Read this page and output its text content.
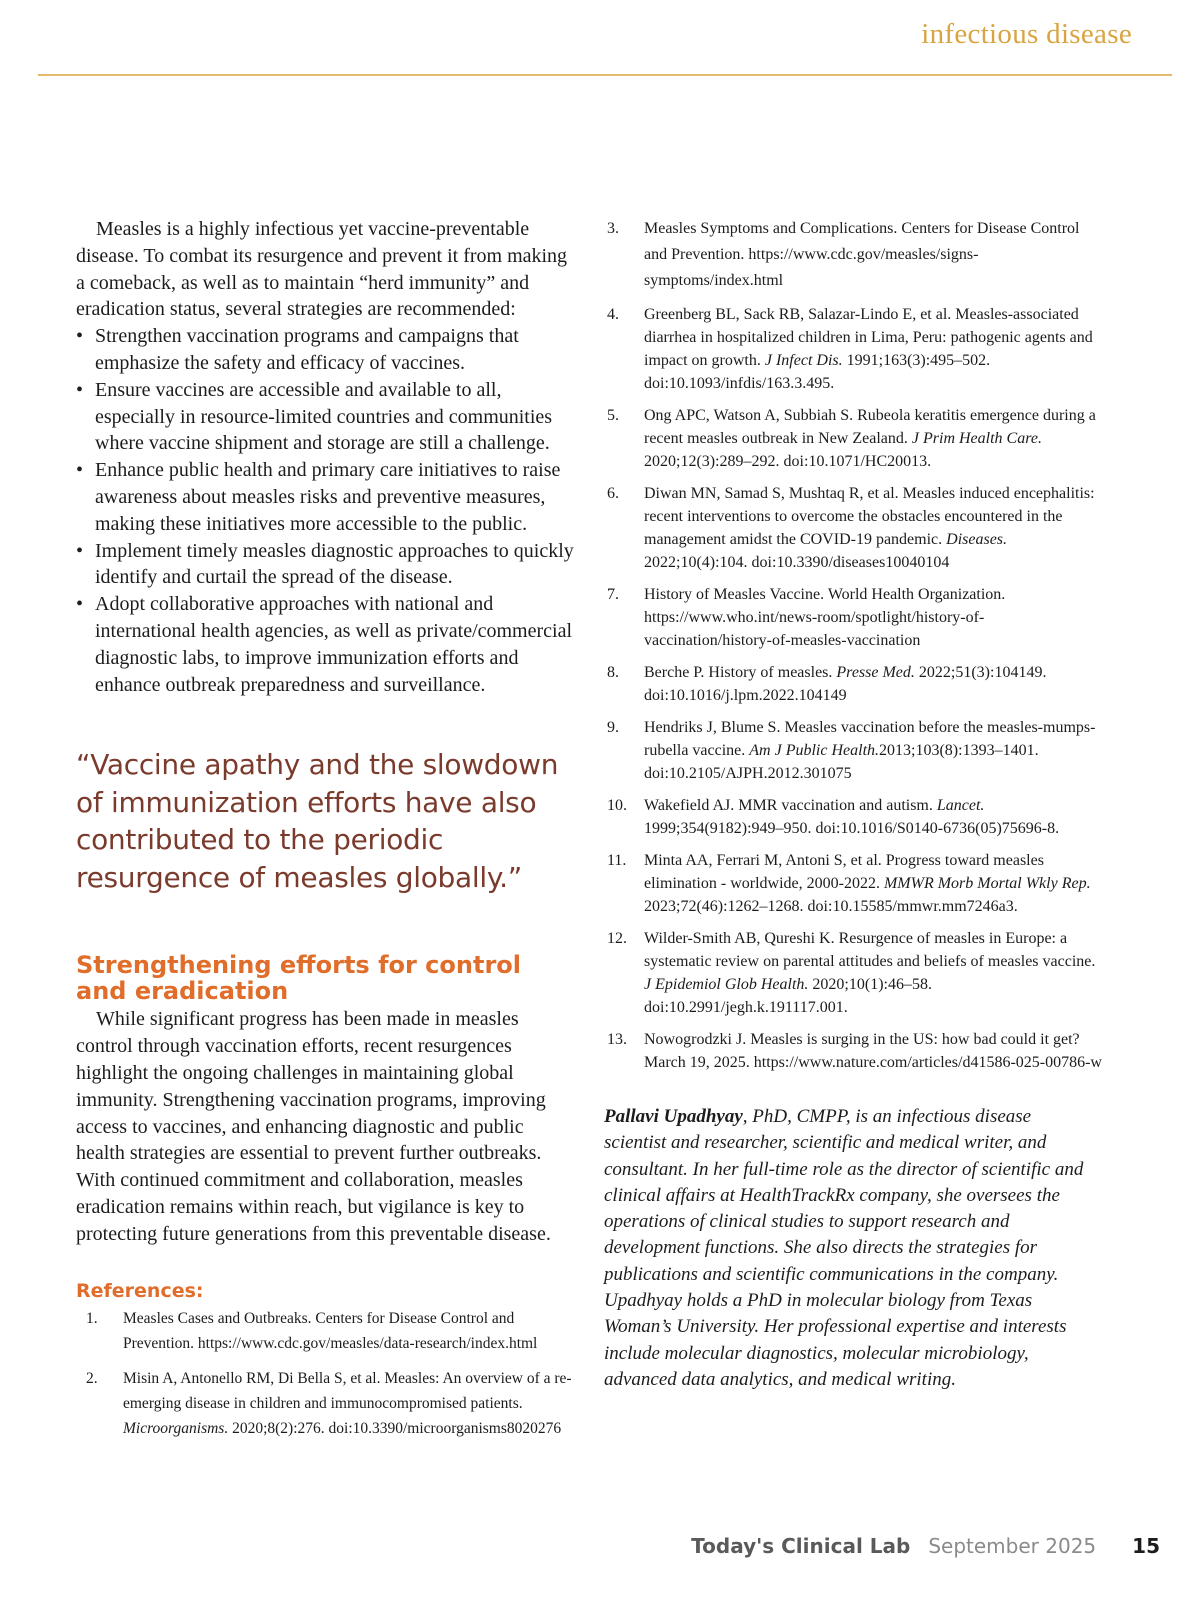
infectious disease

Measles is a highly infectious yet vaccine-preventable disease. To combat its resurgence and prevent it from making a comeback, as well as to maintain “herd immunity” and eradication status, several strategies are recommended:

• Strengthen vaccination programs and campaigns that emphasize the safety and efficacy of vaccines.
• Ensure vaccines are accessible and available to all, especially in resource-limited countries and communities where vaccine shipment and storage are still a challenge.
• Enhance public health and primary care initiatives to raise awareness about measles risks and preventive measures, making these initiatives more accessible to the public.
• Implement timely measles diagnostic approaches to quickly identify and curtail the spread of the disease.
• Adopt collaborative approaches with national and international health agencies, as well as private/commercial diagnostic labs, to improve immunization efforts and enhance outbreak preparedness and surveillance.
“Vaccine apathy and the slowdown of immunization efforts have also contributed to the periodic resurgence of measles globally.”
Strengthening efforts for control and eradication

While significant progress has been made in measles control through vaccination efforts, recent resurgences highlight the ongoing challenges in maintaining global immunity. Strengthening vaccination programs, improving access to vaccines, and enhancing diagnostic and public health strategies are essential to prevent further outbreaks. With continued commitment and collaboration, measles eradication remains within reach, but vigilance is key to protecting future generations from this preventable disease.

References:
1. Measles Cases and Outbreaks. Centers for Disease Control and Prevention. https://www.cdc.gov/measles/data-research/index.html
2. Misin A, Antonello RM, Di Bella S, et al. Measles: An overview of a re-emerging disease in children and immunocompromised patients. Microorganisms. 2020;8(2):276. doi:10.3390/microorganisms8020276
3. Measles Symptoms and Complications. Centers for Disease Control and Prevention. https://www.cdc.gov/measles/signs-symptoms/index.html
4. Greenberg BL, Sack RB, Salazar-Lindo E, et al. Measles-associated diarrhea in hospitalized children in Lima, Peru: pathogenic agents and impact on growth. J Infect Dis. 1991;163(3):495–502. doi:10.1093/infdis/163.3.495.
5. Ong APC, Watson A, Subbiah S. Rubeola keratitis emergence during a recent measles outbreak in New Zealand. J Prim Health Care. 2020;12(3):289–292. doi:10.1071/HC20013.
6. Diwan MN, Samad S, Mushtaq R, et al. Measles induced encephalitis: recent interventions to overcome the obstacles encountered in the management amidst the COVID-19 pandemic. Diseases. 2022;10(4):104. doi:10.3390/diseases10040104
7. History of Measles Vaccine. World Health Organization. https://www.who.int/news-room/spotlight/history-of-vaccination/history-of-measles-vaccination
8. Berche P. History of measles. Presse Med. 2022;51(3):104149. doi:10.1016/j.lpm.2022.104149
9. Hendriks J, Blume S. Measles vaccination before the measles-mumps-rubella vaccine. Am J Public Health.2013;103(8):1393–1401. doi:10.2105/AJPH.2012.301075
10. Wakefield AJ. MMR vaccination and autism. Lancet. 1999;354(9182):949–950. doi:10.1016/S0140-6736(05)75696-8.
11. Minta AA, Ferrari M, Antoni S, et al. Progress toward measles elimination - worldwide, 2000-2022. MMWR Morb Mortal Wkly Rep. 2023;72(46):1262–1268. doi:10.15585/mmwr.mm7246a3.
12. Wilder-Smith AB, Qureshi K. Resurgence of measles in Europe: a systematic review on parental attitudes and beliefs of measles vaccine. J Epidemiol Glob Health. 2020;10(1):46–58. doi:10.2991/jegh.k.191117.001.
13. Nowogrodzki J. Measles is surging in the US: how bad could it get? March 19, 2025. https://www.nature.com/articles/d41586-025-00786-w

Pallavi Upadhyay, PhD, CMPP, is an infectious disease scientist and researcher, scientific and medical writer, and consultant. In her full-time role as the director of scientific and clinical affairs at HealthTrackRx company, she oversees the operations of clinical studies to support research and development functions. She also directs the strategies for publications and scientific communications in the company. Upadhyay holds a PhD in molecular biology from Texas Woman’s University. Her professional expertise and interests include molecular diagnostics, molecular microbiology, advanced data analytics, and medical writing.

Today's Clinical Lab September 2025 15
